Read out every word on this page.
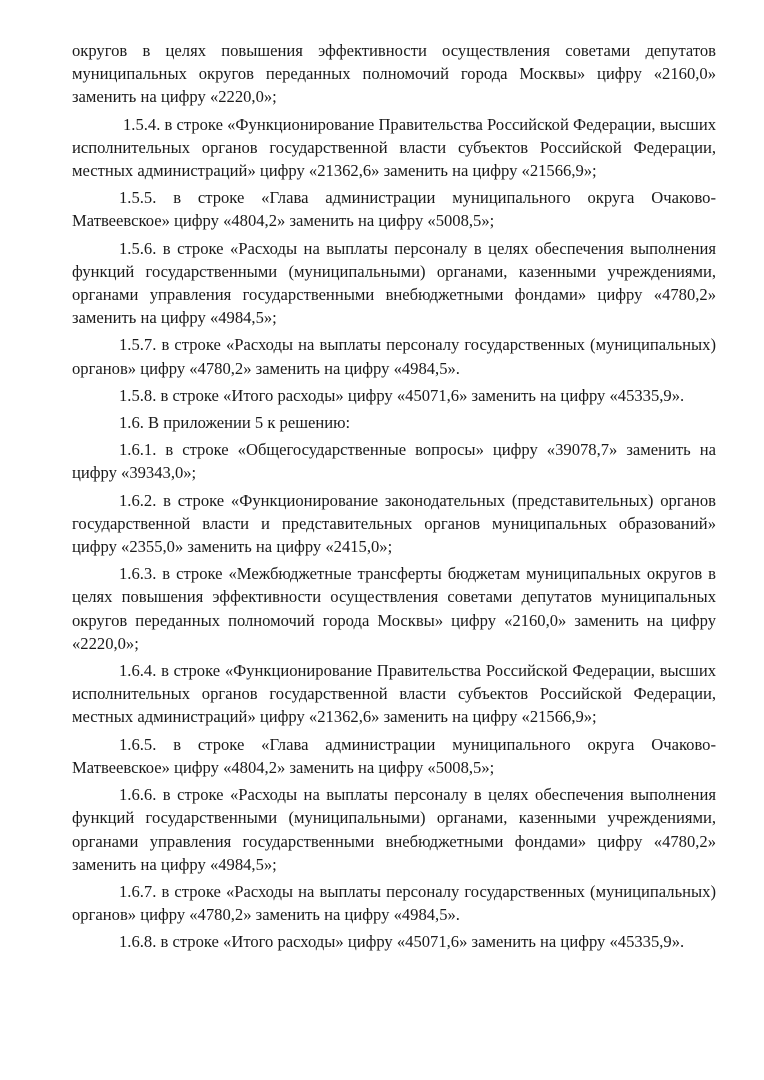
округов в целях повышения эффективности осуществления советами депутатов муниципальных округов переданных полномочий города Москвы» цифру «2160,0» заменить на цифру «2220,0»;

1.5.4. в строке «Функционирование Правительства Российской Федерации, высших исполнительных органов государственной власти субъектов Российской Федерации, местных администраций» цифру «21362,6» заменить на цифру «21566,9»;

1.5.5. в строке «Глава администрации муниципального округа Очаково-Матвеевское» цифру «4804,2» заменить на цифру «5008,5»;

1.5.6. в строке «Расходы на выплаты персоналу в целях обеспечения выполнения функций государственными (муниципальными) органами, казенными учреждениями, органами управления государственными внебюджетными фондами» цифру «4780,2» заменить на цифру «4984,5»;

1.5.7. в строке «Расходы на выплаты персоналу государственных (муниципальных) органов» цифру «4780,2» заменить на цифру «4984,5».

1.5.8. в строке «Итого расходы» цифру «45071,6» заменить на цифру «45335,9».

1.6. В приложении 5 к решению:

1.6.1. в строке «Общегосударственные вопросы» цифру «39078,7» заменить на цифру «39343,0»;

1.6.2. в строке «Функционирование законодательных (представительных) органов государственной власти и представительных органов муниципальных образований» цифру «2355,0» заменить на цифру «2415,0»;

1.6.3. в строке «Межбюджетные трансферты бюджетам муниципальных округов в целях повышения эффективности осуществления советами депутатов муниципальных округов переданных полномочий города Москвы» цифру «2160,0» заменить на цифру «2220,0»;

1.6.4. в строке «Функционирование Правительства Российской Федерации, высших исполнительных органов государственной власти субъектов Российской Федерации, местных администраций» цифру «21362,6» заменить на цифру «21566,9»;

1.6.5. в строке «Глава администрации муниципального округа Очаково-Матвеевское» цифру «4804,2» заменить на цифру «5008,5»;

1.6.6. в строке «Расходы на выплаты персоналу в целях обеспечения выполнения функций государственными (муниципальными) органами, казенными учреждениями, органами управления государственными внебюджетными фондами» цифру «4780,2» заменить на цифру «4984,5»;

1.6.7. в строке «Расходы на выплаты персоналу государственных (муниципальных) органов» цифру «4780,2» заменить на цифру «4984,5».

1.6.8. в строке «Итого расходы» цифру «45071,6» заменить на цифру «45335,9».
